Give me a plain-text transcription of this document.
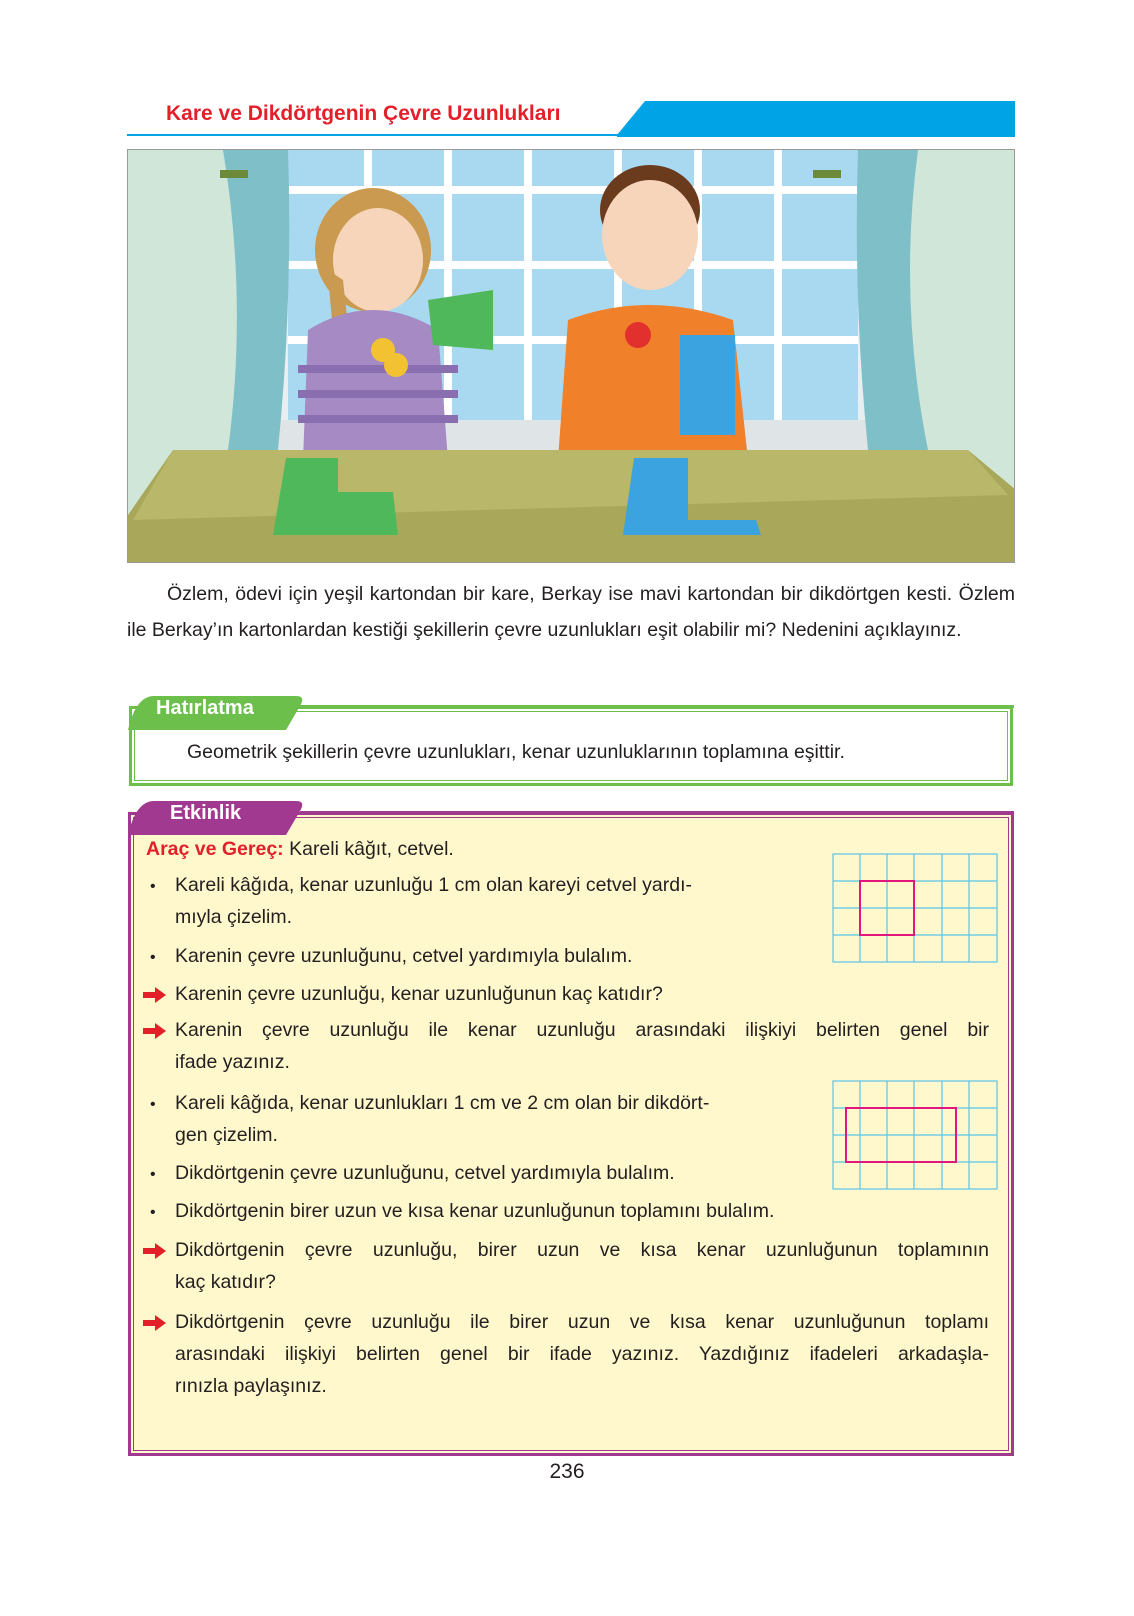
Kare ve Dikdörtgenin Çevre Uzunlukları

Özlem, ödevi için yeşil kartondan bir kare, Berkay ise mavi kartondan bir dikdörtgen kesti. Özlem ile Berkay’ın kartonlardan kestiği şekillerin çevre uzunlukları eşit olabilir mi? Nedenini açıklayınız.

Hatırlatma
Geometrik şekillerin çevre uzunlukları, kenar uzunluklarının toplamına eşittir.
Etkinlik
Araç ve Gereç: Kareli kâğıt, cetvel.
• Kareli kâğıda, kenar uzunluğu 1 cm olan kareyi cetvel yardı-
mıyla çizelim.
• Karenin çevre uzunluğunu, cetvel yardımıyla bulalım.
Karenin çevre uzunluğu, kenar uzunluğunun kaç katıdır?
Karenin çevre uzunluğu ile kenar uzunluğu arasındaki ilişkiyi belirten genel bir
ifade yazınız.
• Kareli kâğıda, kenar uzunlukları 1 cm ve 2 cm olan bir dikdört-
gen çizelim.
• Dikdörtgenin çevre uzunluğunu, cetvel yardımıyla bulalım.
• Dikdörtgenin birer uzun ve kısa kenar uzunluğunun toplamını bulalım.
Dikdörtgenin çevre uzunluğu, birer uzun ve kısa kenar uzunluğunun toplamının
kaç katıdır?
Dikdörtgenin çevre uzunluğu ile birer uzun ve kısa kenar uzunluğunun toplamı
arasındaki ilişkiyi belirten genel bir ifade yazınız. Yazdığınız ifadeleri arkadaşla-
rınızla paylaşınız.
236
